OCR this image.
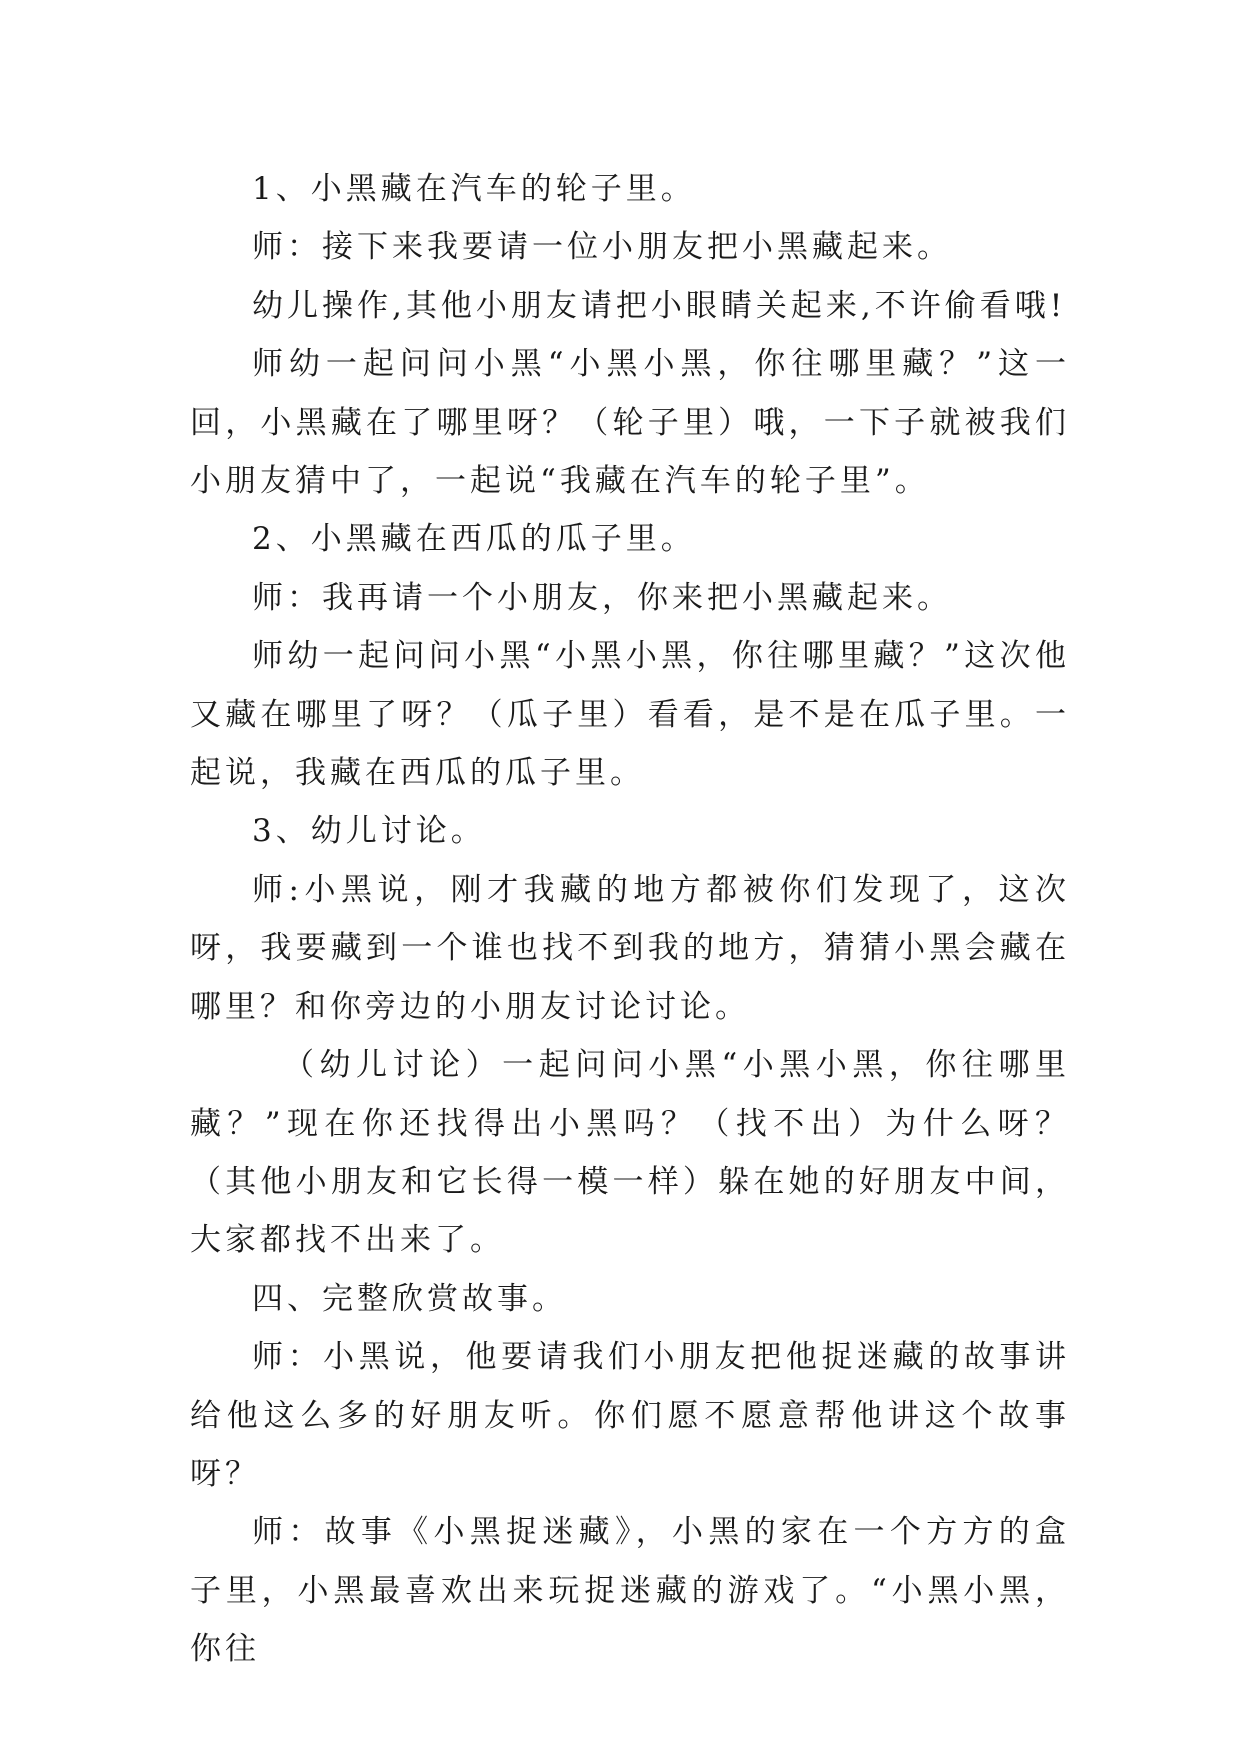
1、小黑藏在汽车的轮子里。

师：接下来我要请一位小朋友把小黑藏起来。

幼儿操作,其他小朋友请把小眼睛关起来,不许偷看哦!

师幼一起问问小黑“小黑小黑，你往哪里藏？”这一回，小黑藏在了哪里呀？（轮子里）哦，一下子就被我们小朋友猜中了，一起说“我藏在汽车的轮子里”。

2、小黑藏在西瓜的瓜子里。

师：我再请一个小朋友，你来把小黑藏起来。

师幼一起问问小黑“小黑小黑，你往哪里藏？”这次他又藏在哪里了呀？（瓜子里）看看，是不是在瓜子里。一起说，我藏在西瓜的瓜子里。

3、幼儿讨论。

师:小黑说，刚才我藏的地方都被你们发现了，这次呀，我要藏到一个谁也找不到我的地方，猜猜小黑会藏在哪里？和你旁边的小朋友讨论讨论。

（幼儿讨论）一起问问小黑“小黑小黑，你往哪里藏？”现在你还找得出小黑吗？（找不出）为什么呀？（其他小朋友和它长得一模一样）躲在她的好朋友中间，大家都找不出来了。

四、完整欣赏故事。

师：小黑说，他要请我们小朋友把他捉迷藏的故事讲给他这么多的好朋友听。你们愿不愿意帮他讲这个故事呀？

师：故事《小黑捉迷藏》，小黑的家在一个方方的盒子里，小黑最喜欢出来玩捉迷藏的游戏了。“小黑小黑，你往
